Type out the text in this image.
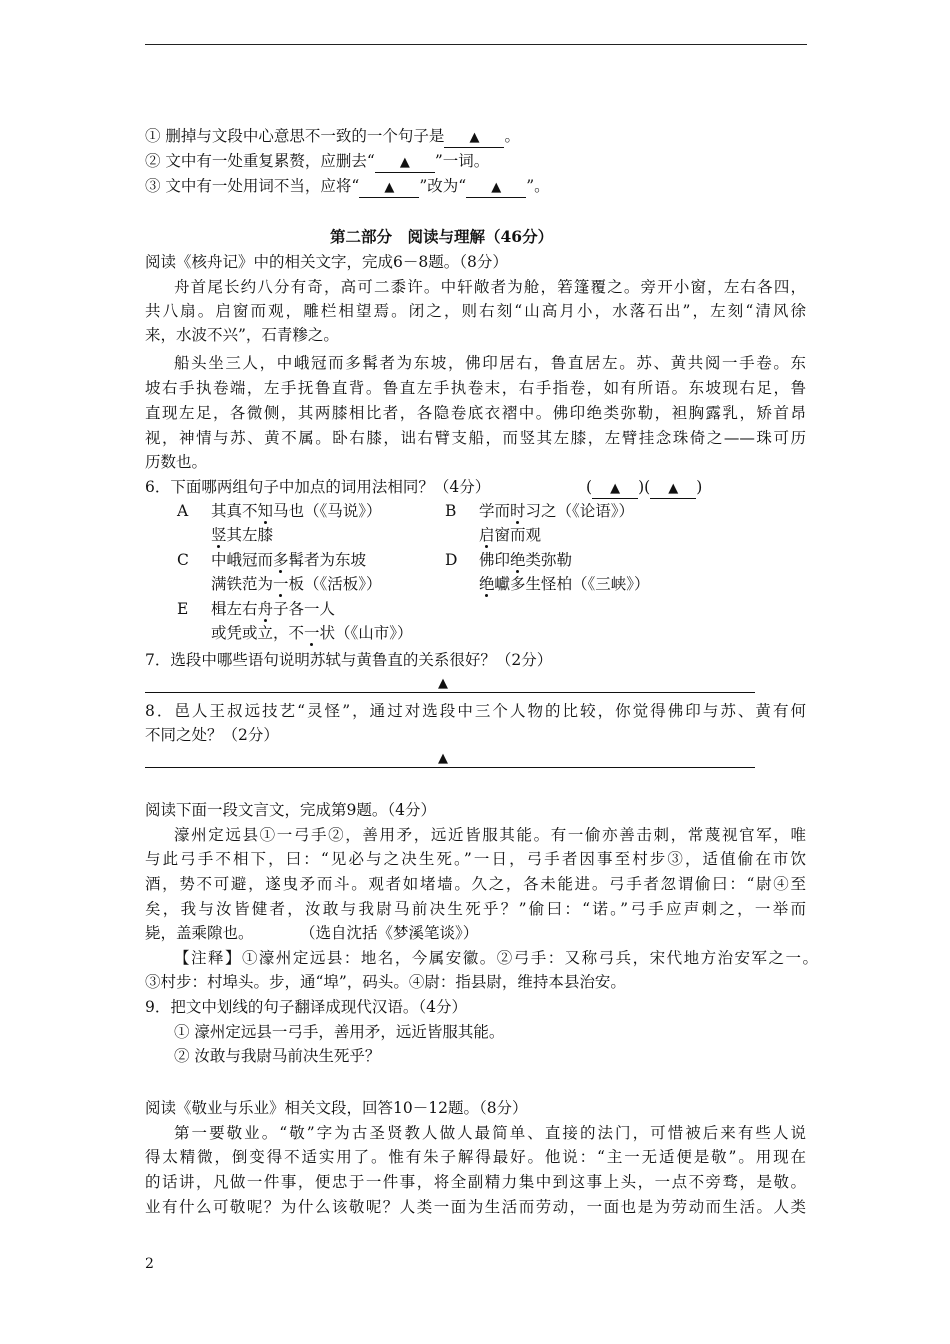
① 删掉与文段中心意思不一致的一个句子是 ▲ 。
② 文中有一处重复累赘，应删去“ ▲ ”一词。
③ 文中有一处用词不当，应将“ ▲ ”改为“ ▲ ”。
第二部分　阅读与理解（46分）
阅读《核舟记》中的相关文字，完成6－8题。（8分）
舟首尾长约八分有奇，高可二黍许。中轩敞者为舱，箬篷覆之。旁开小窗，左右各四，
共八扇。启窗而观，雕栏相望焉。闭之，则右刻“山高月小，水落石出”，左刻“清风徐
来，水波不兴”，石青糁之。
船头坐三人，中峨冠而多髯者为东坡，佛印居右，鲁直居左。苏、黄共阅一手卷。东
坡右手执卷端，左手抚鲁直背。鲁直左手执卷末，右手指卷，如有所语。东坡现右足，鲁
直现左足，各微侧，其两膝相比者，各隐卷底衣褶中。佛印绝类弥勒，袒胸露乳，矫首昂
视，神情与苏、黄不属。卧右膝，诎右臂支船，而竖其左膝，左臂挂念珠倚之——珠可历
历数也。
6．下面哪两组句子中加点的词用法相同？（4分）	( ▲ )( ▲ )
A 其真不知马也（《马说》）	B 学而时习之（《论语》）
竖其左膝	启窗而观
C 中峨冠而多髯者为东坡	D 佛印绝类弥勒
满铁范为一板（《活板》）	绝巘多生怪柏（《三峡》）
E 楫左右舟子各一人
或凭或立，不一状（《山市》）
7．选段中哪些语句说明苏轼与黄鲁直的关系很好？（2分）
▲
8．邑人王叔远技艺“灵怪”，通过对选段中三个人物的比较，你觉得佛印与苏、黄有何
不同之处？（2分）
▲
阅读下面一段文言文，完成第9题。（4分）
濠州定远县①一弓手②，善用矛，远近皆服其能。有一偷亦善击刺，常蔑视官军，唯
与此弓手不相下，曰：“见必与之决生死。”一日，弓手者因事至村步③，适值偷在市饮
酒，势不可避，遂曳矛而斗。观者如堵墙。久之，各未能进。弓手者忽谓偷曰：“尉④至
矣，我与汝皆健者，汝敢与我尉马前决生死乎？”偷曰：“诺。”弓手应声刺之，一举而
毙，盖乘隙也。　　　　（选自沈括《梦溪笔谈》）
【注释】①濠州定远县：地名，今属安徽。②弓手：又称弓兵，宋代地方治安军之一。
③村步：村埠头。步，通“埠”，码头。④尉：指县尉，维持本县治安。
9．把文中划线的句子翻译成现代汉语。（4分）
① 濠州定远县一弓手，善用矛，远近皆服其能。
② 汝敢与我尉马前决生死乎？
阅读《敬业与乐业》相关文段，回答10－12题。（8分）
第一要敬业。“敬”字为古圣贤教人做人最简单、直接的法门，可惜被后来有些人说
得太精微，倒变得不适实用了。惟有朱子解得最好。他说：“主一无适便是敬”。用现在
的话讲，凡做一件事，便忠于一件事，将全副精力集中到这事上头，一点不旁骛，是敬。
业有什么可敬呢？为什么该敬呢？人类一面为生活而劳动，一面也是为劳动而生活。人类
2
